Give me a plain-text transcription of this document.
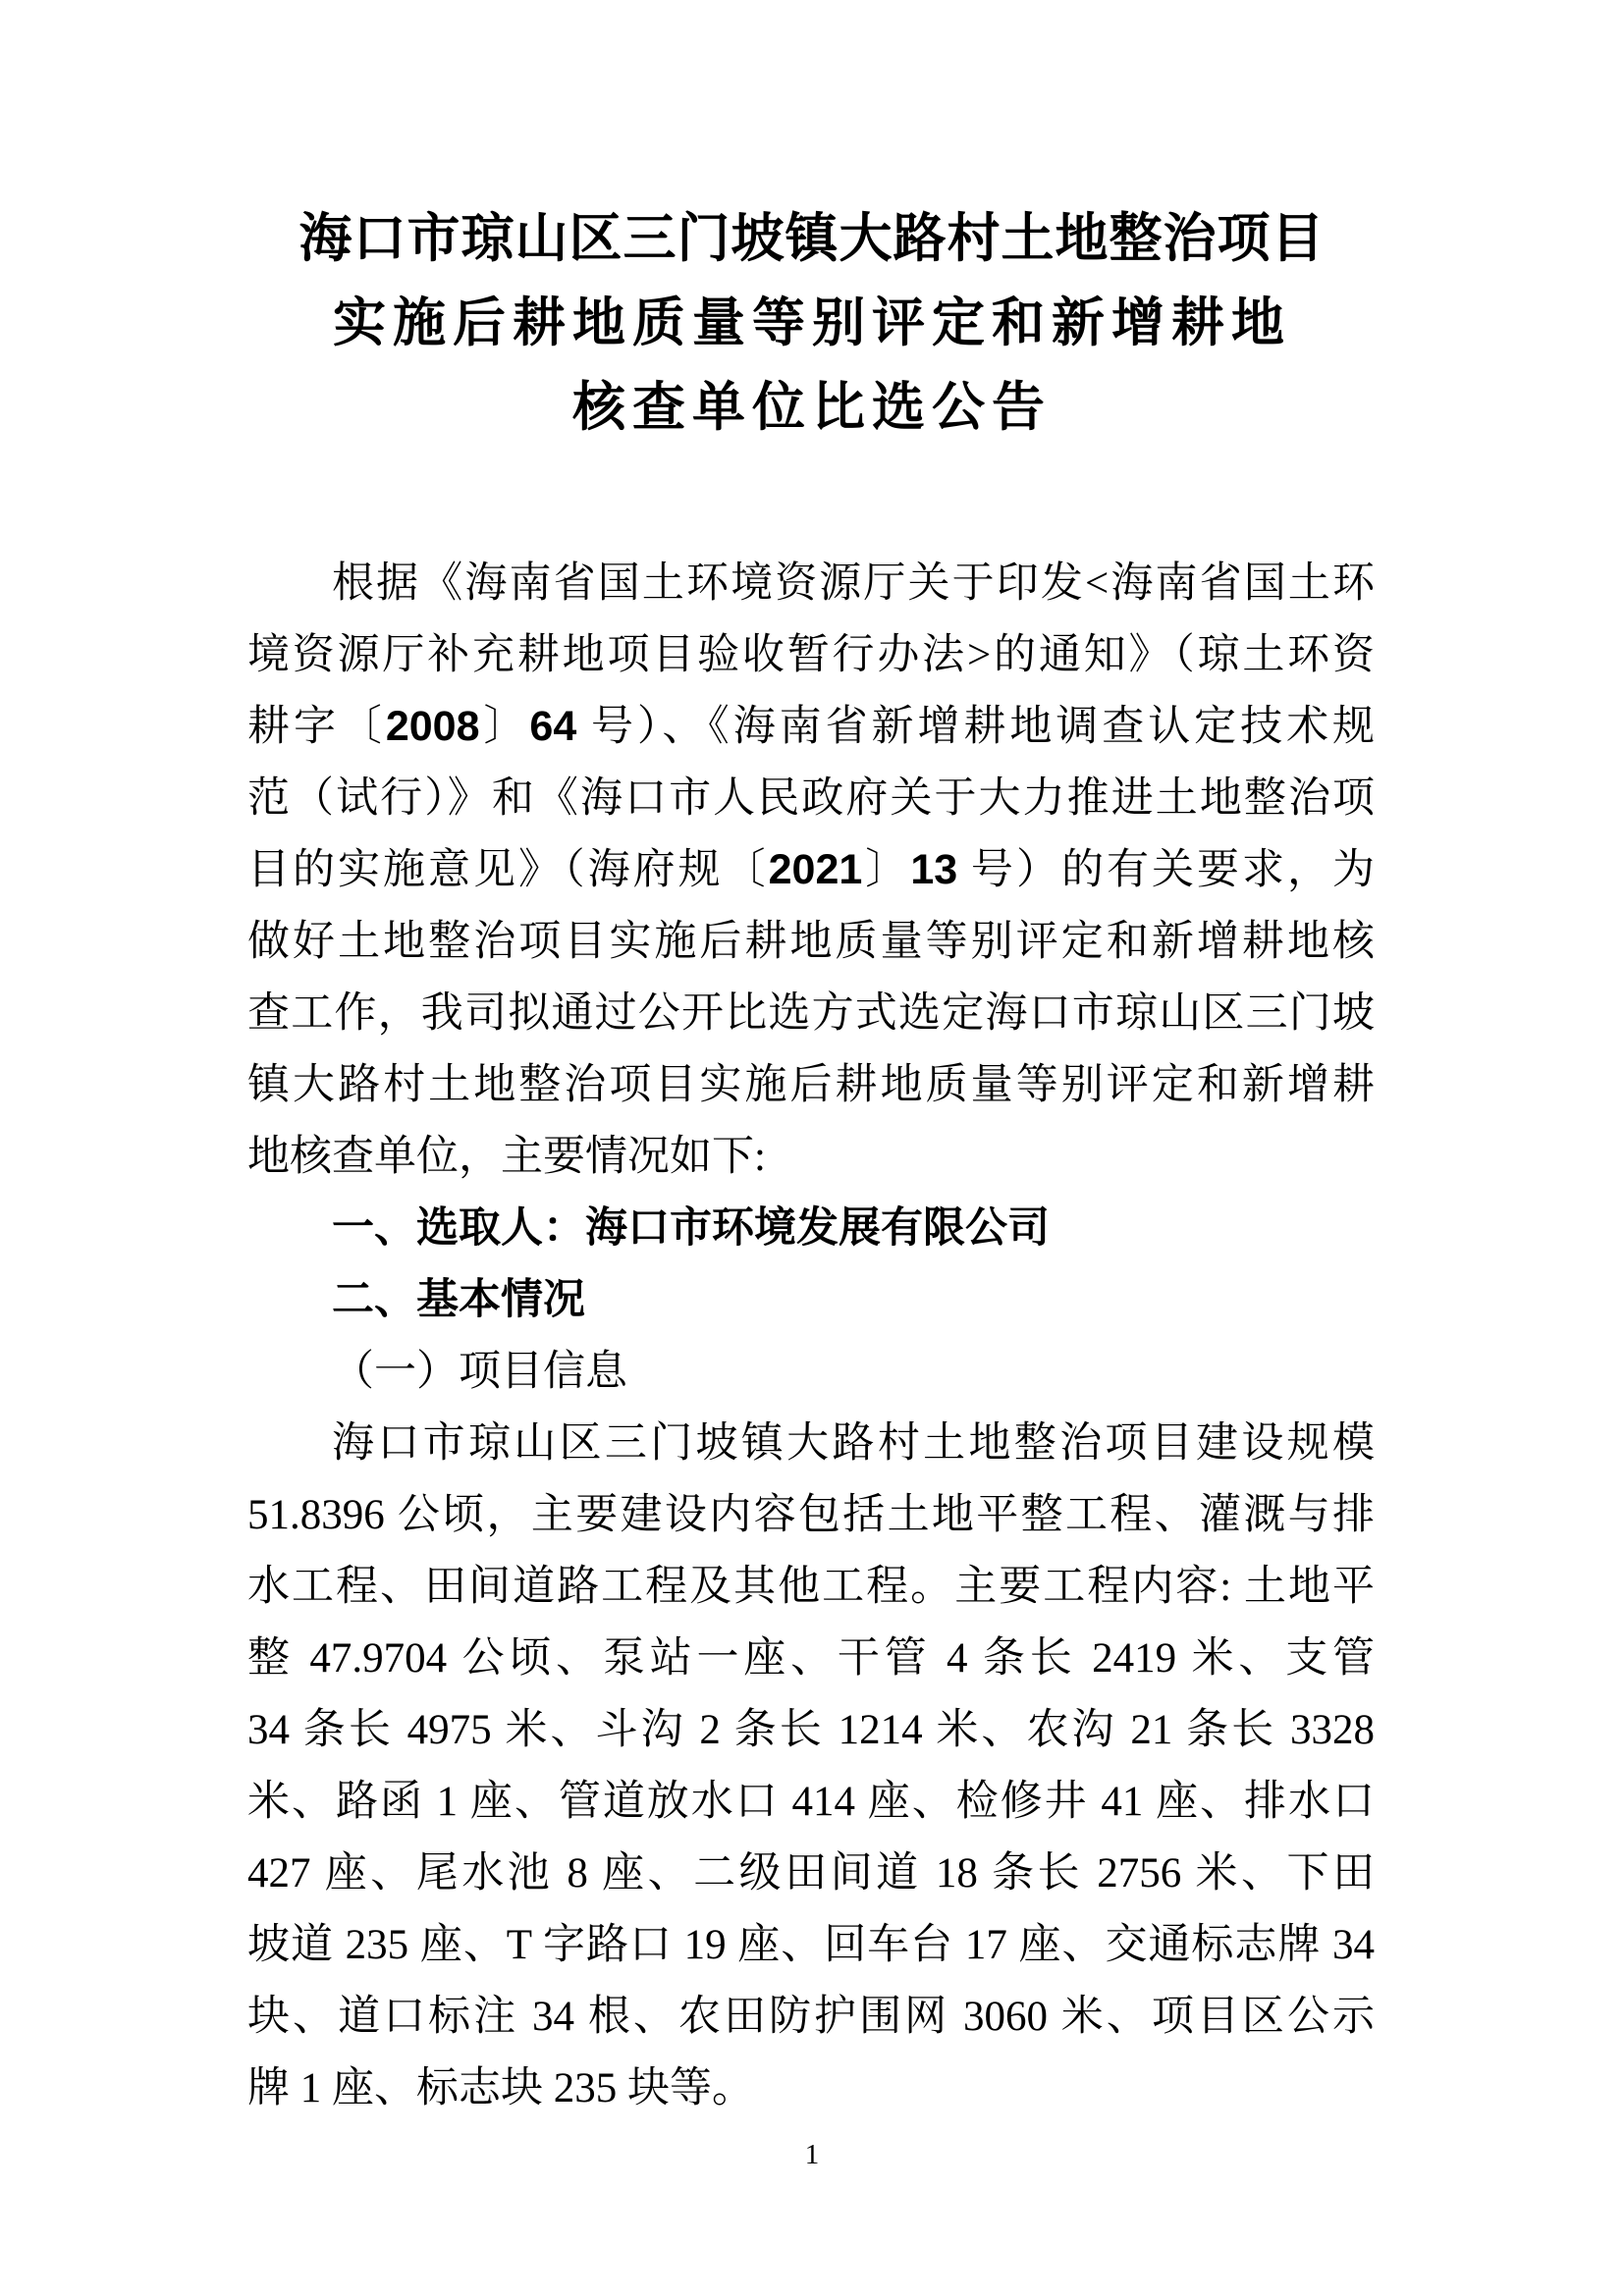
海口市琼山区三门坡镇大路村土地整治项目
实施后耕地质量等别评定和新增耕地
核查单位比选公告
根据《海南省国土环境资源厅关于印发<海南省国土环
境资源厅补充耕地项目验收暂行办法>的通知》（琼土环资
耕字〔2008〕64 号）、《海南省新增耕地调查认定技术规
范（试行）》和《海口市人民政府关于大力推进土地整治项
目的实施意见》（海府规〔2021〕13 号）的有关要求，为
做好土地整治项目实施后耕地质量等别评定和新增耕地核
查工作，我司拟通过公开比选方式选定海口市琼山区三门坡
镇大路村土地整治项目实施后耕地质量等别评定和新增耕
地核查单位，主要情况如下:
一、选取人：海口市环境发展有限公司
二、基本情况
（一）项目信息
海口市琼山区三门坡镇大路村土地整治项目建设规模
51.8396 公顷，主要建设内容包括土地平整工程、灌溉与排
水工程、田间道路工程及其他工程。主要工程内容: 土地平
整 47.9704 公顷、泵站一座、干管 4 条长 2419 米、支管
34 条长 4975 米、斗沟 2 条长 1214 米、农沟 21 条长 3328
米、路函 1 座、管道放水口 414 座、检修井 41 座、排水口
427 座、尾水池 8 座、二级田间道 18 条长 2756 米、下田
坡道 235 座、T 字路口 19 座、回车台 17 座、交通标志牌 34
块、道口标注 34 根、农田防护围网 3060 米、项目区公示
牌 1 座、标志块 235 块等。
1
